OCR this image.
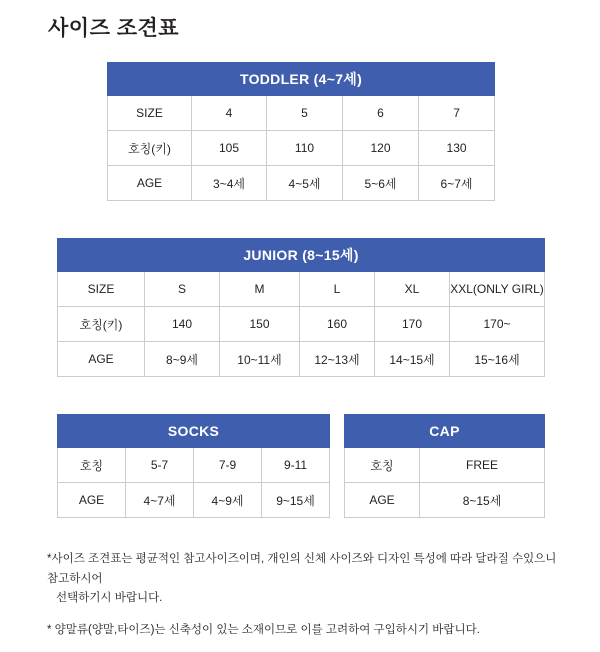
사이즈 조견표
TODDLER (4~7세)				
SIZE	4	5	6	7
호칭(키)	105	110	120	130
AGE	3~4세	4~5세	5~6세	6~7세
JUNIOR (8~15세)					
SIZE	S	M	L	XL	XXL(ONLY GIRL)
호칭(키)	140	150	160	170	170~
AGE	8~9세	10~11세	12~13세	14~15세	15~16세
SOCKS			
호칭	5-7	7-9	9-11
AGE	4~7세	4~9세	9~15세
CAP	
호칭	FREE
AGE	8~15세

*사이즈 조견표는 평균적인 참고사이즈이며, 개인의 신체 사이즈와 디자인 특성에 따라 달라질 수있으니 참고하시어
선택하기시 바랍니다.

* 양말류(양말,타이즈)는 신축성이 있는 소재이므로 이를 고려하여 구입하시기 바랍니다.
